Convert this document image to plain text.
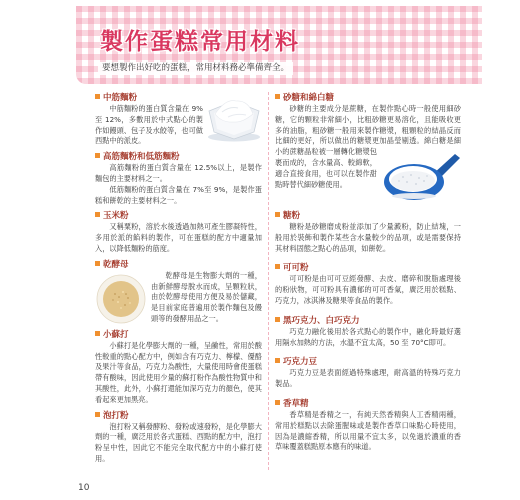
製作蛋糕常用材料
要想製作出好吃的蛋糕，常用材料務必準備齊全。
中筋麵粉

中筋麵粉的蛋白質含量在 9%至 12%，多數用於中式點心的製作如饅頭、包子及水餃等，也可做西點中的派皮。

高筋麵粉和低筋麵粉

高筋麵粉的蛋白質含量在 12.5%以上，是製作麵包的主要材料之一。

低筋麵粉的蛋白質含量在 7%至 9%，是製作蛋糕和餅乾的主要材料之一。

玉米粉

又稱粟粉，溶於水後透過加熱可產生膠凝特性，多用於派的餡料的製作，可在蛋糕的配方中適量加入，以降低麵粉的筋度。

乾酵母

乾酵母是生物膨大劑的一種，由新鮮酵母脫水而成，呈顆粒狀，由於乾酵母使用方便及易於儲藏，是目前家庭普遍用於製作麵包及饅頭等的發酵用品之一。

小蘇打

小蘇打是化學膨大劑的一種，呈鹼性，常用於酸性較重的點心配方中，例如含有巧克力、檸檬、優酪及果汁等食品，巧克力為酸性，大量使用時會使蛋糕帶有酸味，因此使用少量的蘇打粉作為酸性物質中和其酸性，此外，小蘇打還能加深巧克力的顏色，使其看起來更加黑亮。

泡打粉

泡打粉又稱發酵粉、發粉或速發粉，是化學膨大劑的一種，廣泛用於各式蛋糕、西點的配方中，泡打粉呈中性，因此它不能完全取代配方中的小蘇打使用。

砂糖和綿白糖

砂糖的主要成分是蔗糖，在製作點心時一般使用細砂糖，它的顆粒非常細小，比粗砂糖更易溶化，且能吸收更多的油脂，粗砂糖一般用來製作糖漿，粗顆粒的結晶反而比細的更好，所以做出的糖漿更加晶瑩剔透。綿白糖是細小的蔗糖晶粒被一層轉化糖漿包裹而成的，含水量高、較綿軟，適合直接食用，也可以在製作甜點時替代細砂糖使用。

糖粉

糖粉是砂糖磨成粉並添加了少量澱粉，防止結塊，一般用於裝飾和製作某些含水量較少的品項，或是需要保持其材料固態之點心的品項，如餅乾。

可可粉

可可粉是由可可豆經發酵、去皮、磨碎和脫脂處理後的粉狀物，可可粉具有濃郁的可可香氣，廣泛用於糕點、巧克力，冰淇淋及糖果等食品的製作。

黑巧克力、白巧克力

巧克力融化後用於各式點心的製作中，融化時最好選用隔水加熱的方法，水溫不宜太高，50 至 70°C即可。

巧克力豆

巧克力豆是表面經過特殊處理，耐高溫的特殊巧克力製品。

香草精

香草精是香精之一，有純天然香精與人工香精兩種，常用於糕點以去除蛋腥味或是製作香草口味點心時使用，因為是濃縮香精，所以用量不宜太多，以免過於濃重的香草味覆蓋糕點原本應有的味道。

10
